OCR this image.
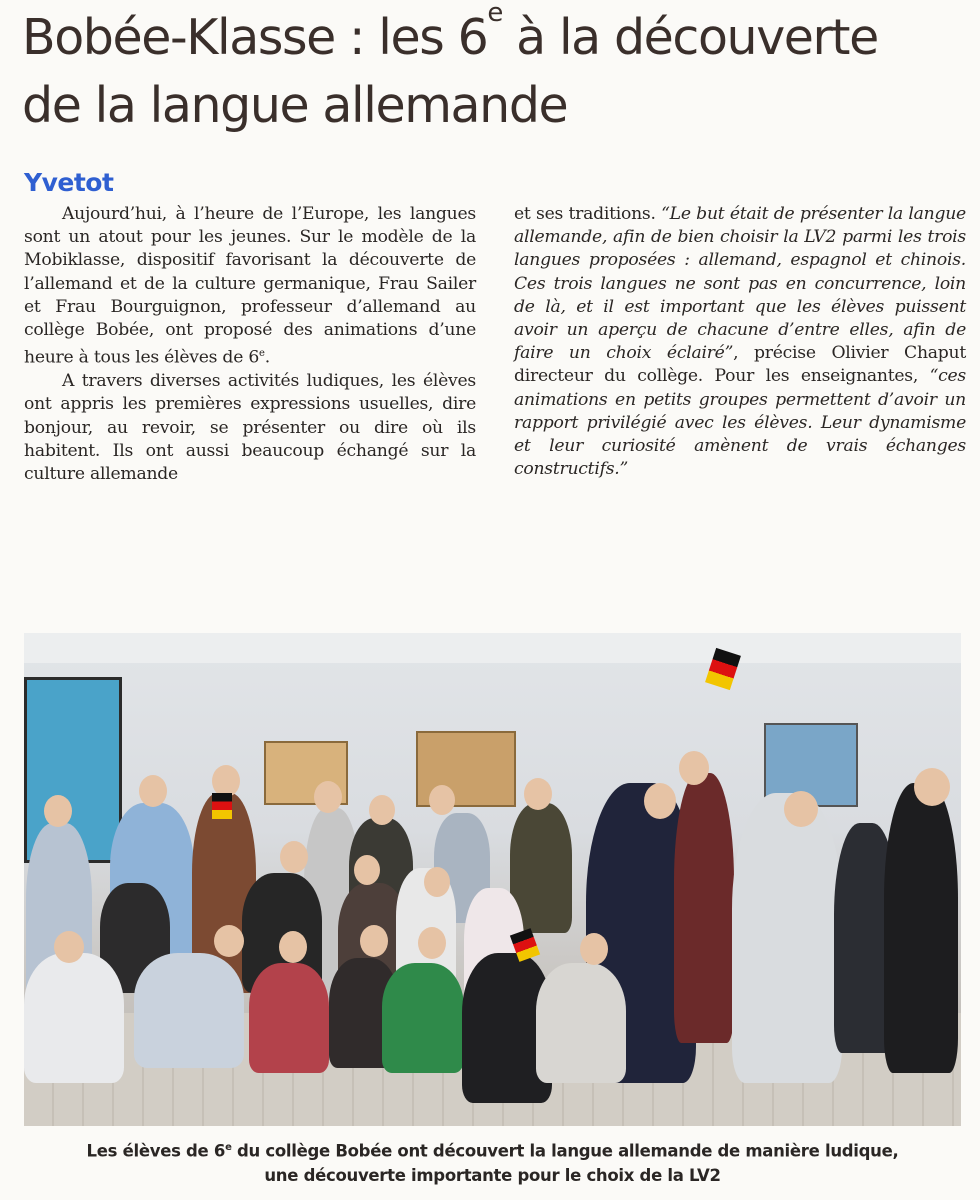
Bobée-Klasse : les 6e à la découverte
de la langue allemande
Yvetot

Aujourd’hui, à l’heure de l’Europe, les langues sont un atout pour les jeunes. Sur le modèle de la Mobiklasse, dispositif favorisant la découverte de l’allemand et de la culture germanique, Frau Sailer et Frau Bourguignon, professeur d’allemand au collège Bobée, ont proposé des animations d’une heure à tous les élèves de 6e.

A travers diverses activités ludiques, les élèves ont appris les premières expressions usuelles, dire bonjour, au revoir, se présenter ou dire où ils habitent. Ils ont aussi beaucoup échangé sur la culture allemande

et ses traditions. “Le but était de présenter la langue allemande, afin de bien choisir la LV2 parmi les trois langues proposées : allemand, espagnol et chinois. Ces trois langues ne sont pas en concurrence, loin de là, et il est important que les élèves puissent avoir un aperçu de chacune d’entre elles, afin de faire un choix éclairé”, précise Olivier Chaput directeur du collège. Pour les enseignantes, “ces animations en petits groupes permettent d’avoir un rapport privilégié avec les élèves. Leur dynamisme et leur curiosité amènent de vrais échanges constructifs.”

Les élèves de 6e du collège Bobée ont découvert la langue allemande de manière ludique,
une découverte importante pour le choix de la LV2
